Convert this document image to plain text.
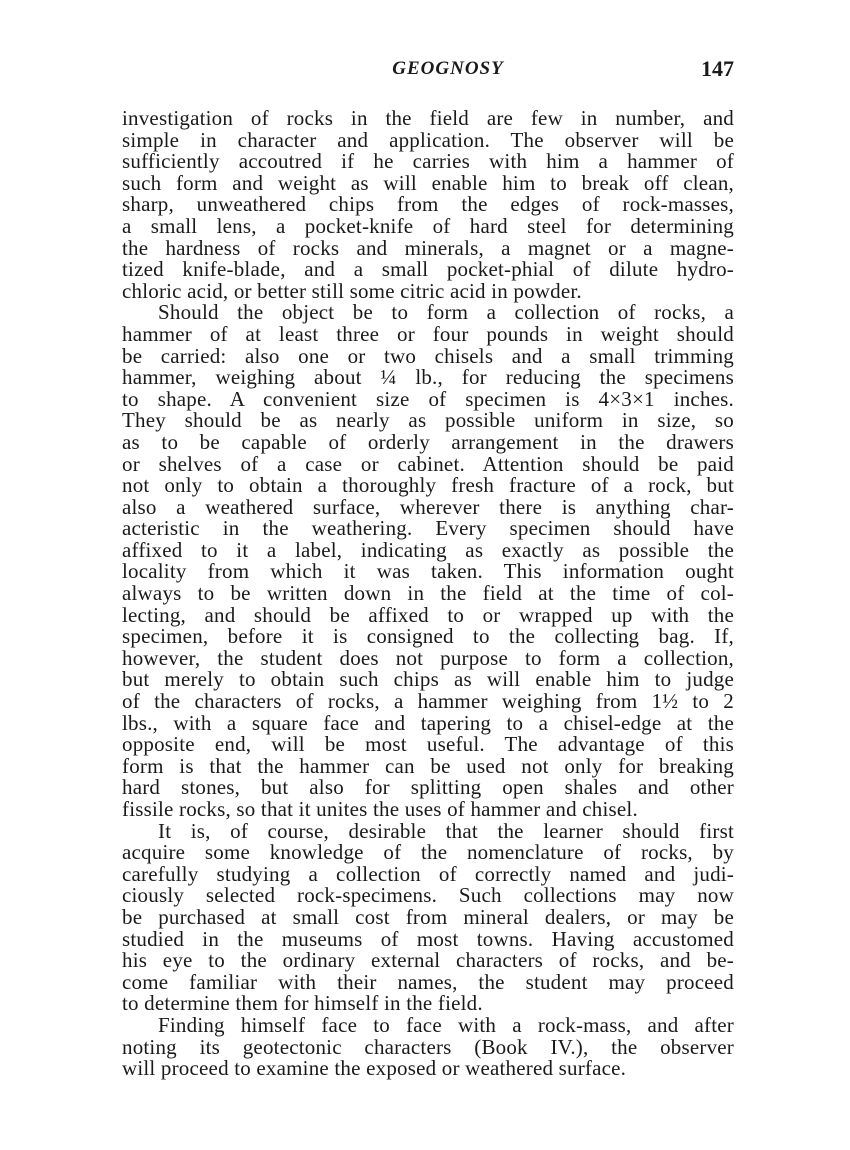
GEOGNOSY	147
investigation of rocks in the field are few in number, and
simple in character and application. The observer will be
sufficiently accoutred if he carries with him a hammer of
such form and weight as will enable him to break off clean,
sharp, unweathered chips from the edges of rock-masses,
a small lens, a pocket-knife of hard steel for determining
the hardness of rocks and minerals, a magnet or a magne-
tized knife-blade, and a small pocket-phial of dilute hydro-
chloric acid, or better still some citric acid in powder.
Should the object be to form a collection of rocks, a
hammer of at least three or four pounds in weight should
be carried: also one or two chisels and a small trimming
hammer, weighing about ¼ lb., for reducing the specimens
to shape. A convenient size of specimen is 4×3×1 inches.
They should be as nearly as possible uniform in size, so
as to be capable of orderly arrangement in the drawers
or shelves of a case or cabinet. Attention should be paid
not only to obtain a thoroughly fresh fracture of a rock, but
also a weathered surface, wherever there is anything char-
acteristic in the weathering. Every specimen should have
affixed to it a label, indicating as exactly as possible the
locality from which it was taken. This information ought
always to be written down in the field at the time of col-
lecting, and should be affixed to or wrapped up with the
specimen, before it is consigned to the collecting bag. If,
however, the student does not purpose to form a collection,
but merely to obtain such chips as will enable him to judge
of the characters of rocks, a hammer weighing from 1½ to 2
lbs., with a square face and tapering to a chisel-edge at the
opposite end, will be most useful. The advantage of this
form is that the hammer can be used not only for breaking
hard stones, but also for splitting open shales and other
fissile rocks, so that it unites the uses of hammer and chisel.
It is, of course, desirable that the learner should first
acquire some knowledge of the nomenclature of rocks, by
carefully studying a collection of correctly named and judi-
ciously selected rock-specimens. Such collections may now
be purchased at small cost from mineral dealers, or may be
studied in the museums of most towns. Having accustomed
his eye to the ordinary external characters of rocks, and be-
come familiar with their names, the student may proceed
to determine them for himself in the field.
Finding himself face to face with a rock-mass, and after
noting its geotectonic characters (Book IV.), the observer
will proceed to examine the exposed or weathered surface.
